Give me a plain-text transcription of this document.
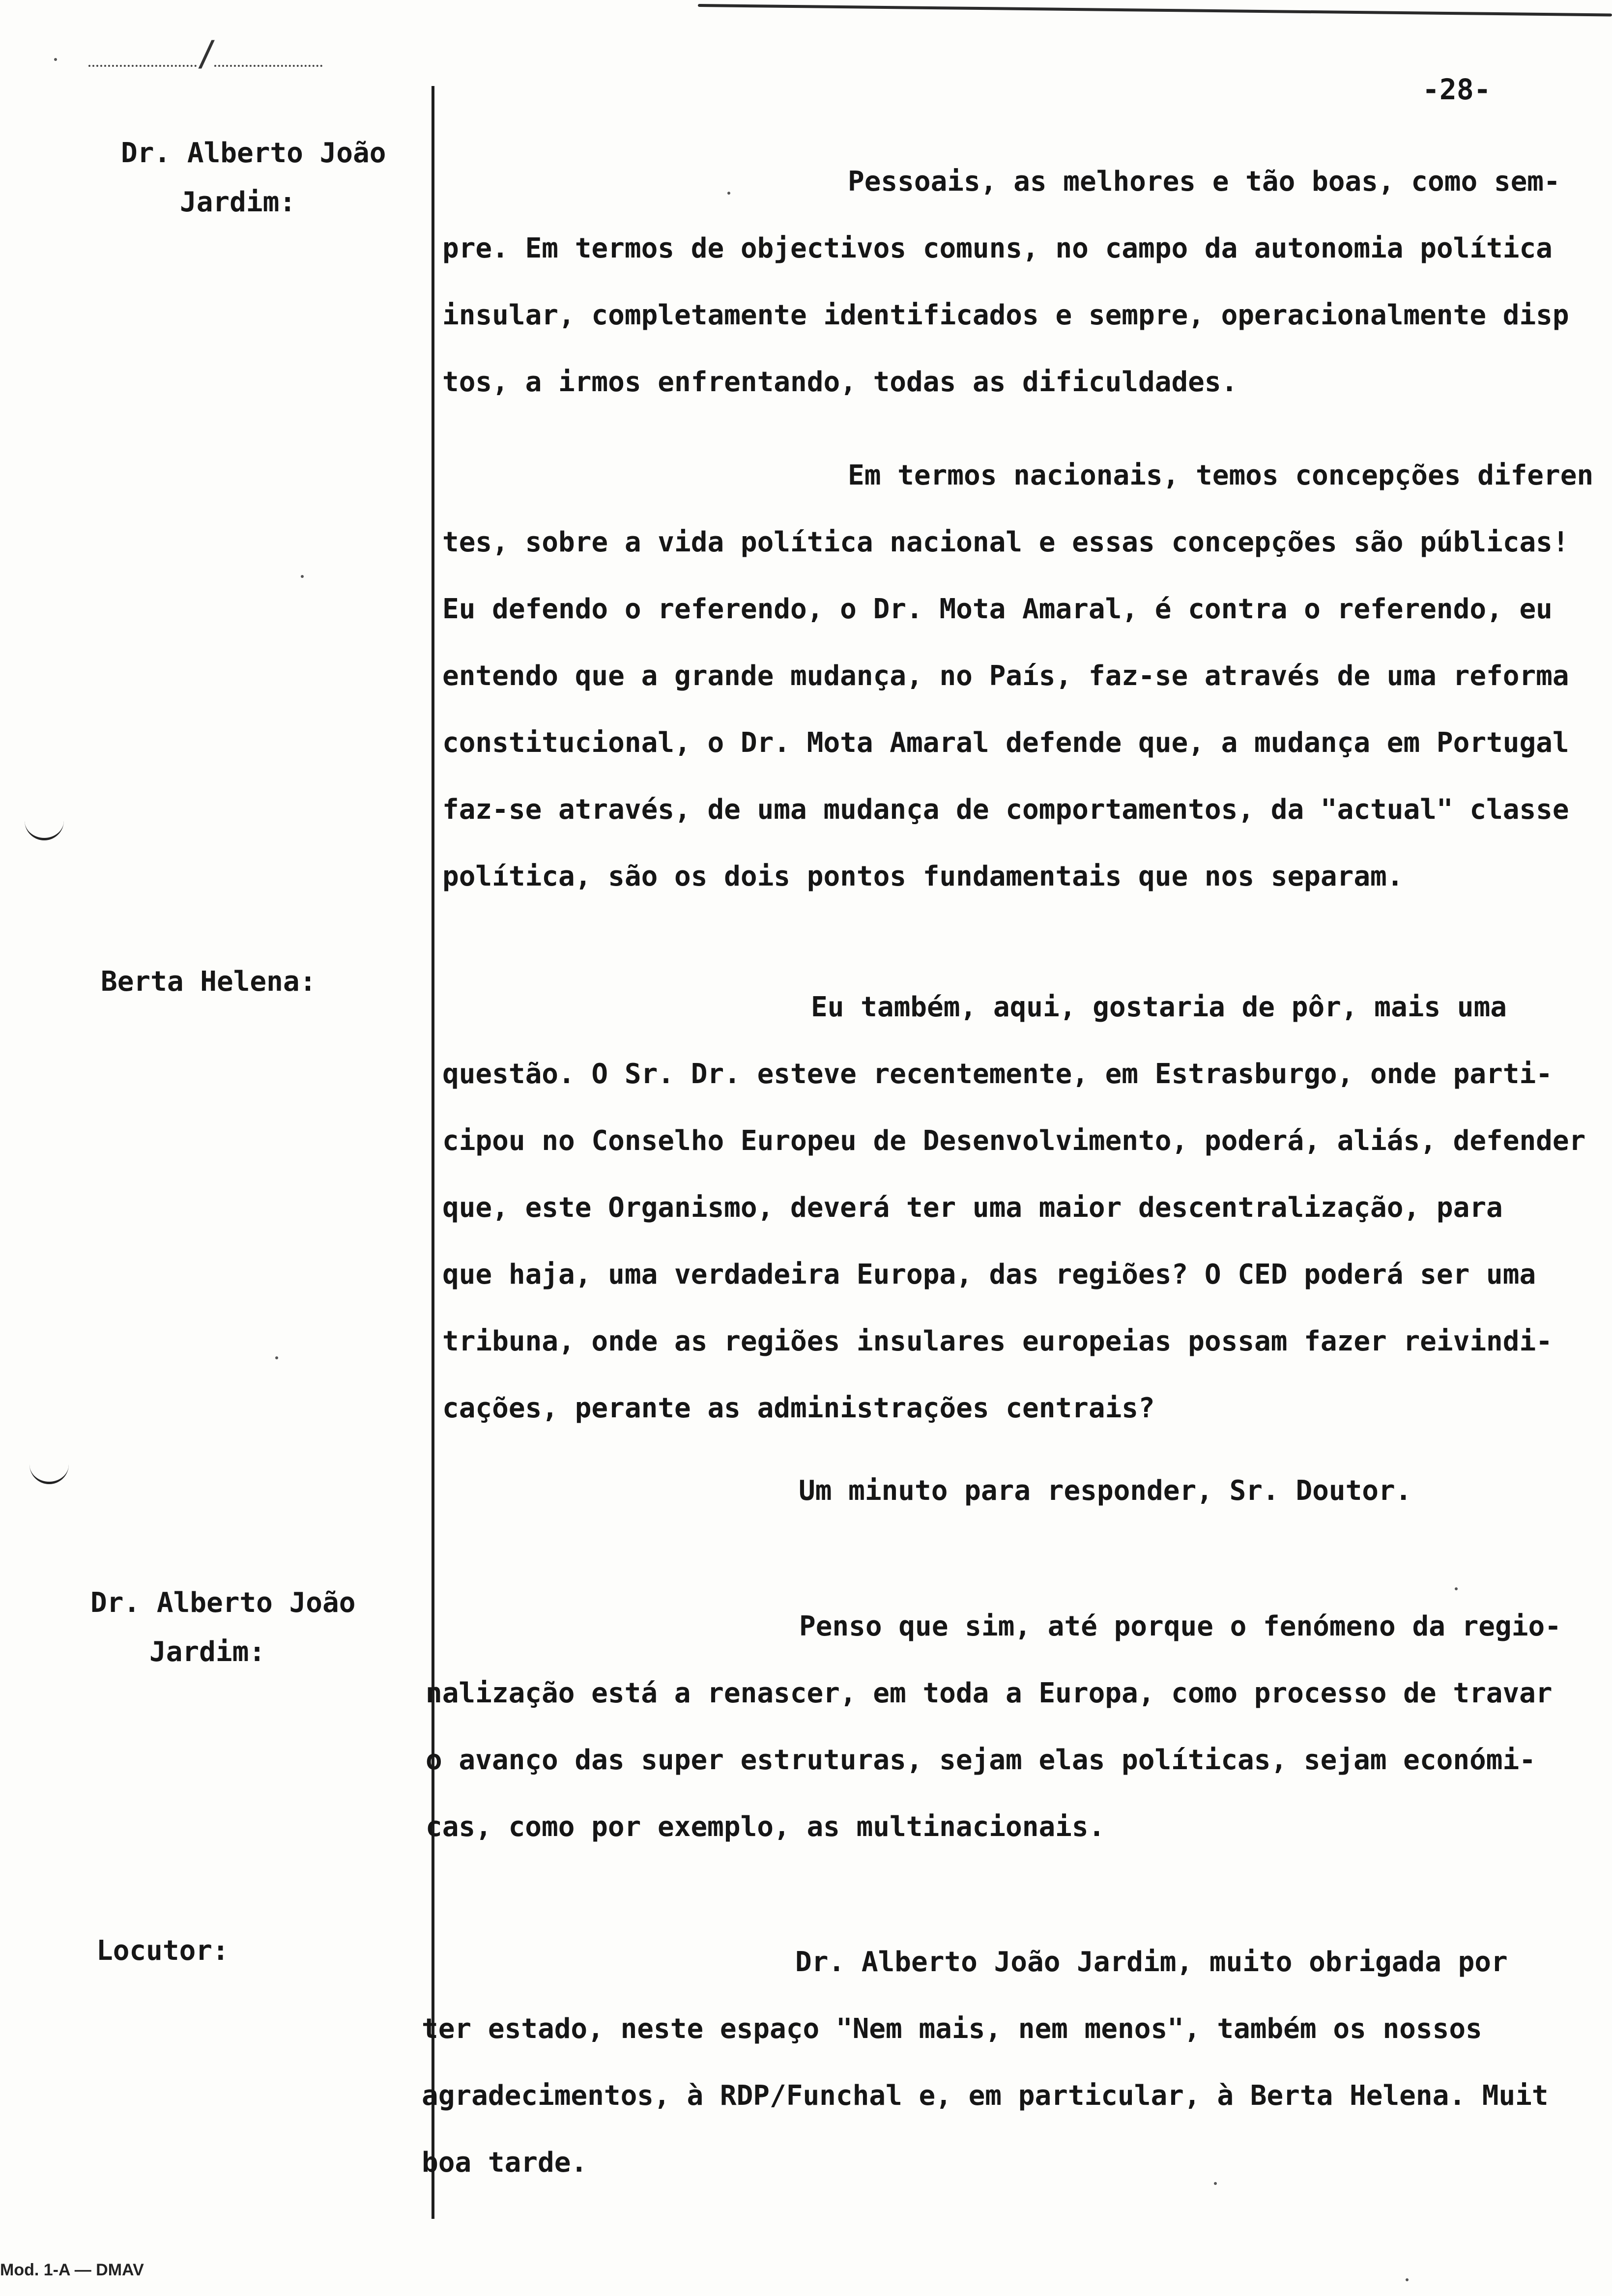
/
-28-
Dr. Alberto João
Jardim:
Pessoais, as melhores e tão boas, como sem-
pre. Em termos de objectivos comuns, no campo da autonomia política
insular, completamente identificados e sempre, operacionalmente disp
tos, a irmos enfrentando, todas as dificuldades.
Em termos nacionais, temos concepções diferen
tes, sobre a vida política nacional e essas concepções são públicas!
Eu defendo o referendo, o Dr. Mota Amaral, é contra o referendo, eu
entendo que a grande mudança, no País, faz-se através de uma reforma
constitucional, o Dr. Mota Amaral defende que, a mudança em Portugal
faz-se através, de uma mudança de comportamentos, da "actual" classe
política, são os dois pontos fundamentais que nos separam.
Berta Helena:
Eu também, aqui, gostaria de pôr, mais uma
questão. O Sr. Dr. esteve recentemente, em Estrasburgo, onde parti-
cipou no Conselho Europeu de Desenvolvimento, poderá, aliás, defender
que, este Organismo, deverá ter uma maior descentralização, para
que haja, uma verdadeira Europa, das regiões? O CED poderá ser uma
tribuna, onde as regiões insulares europeias possam fazer reivindi-
cações, perante as administrações centrais?
Um minuto para responder, Sr. Doutor.
Dr. Alberto João
Jardim:
Penso que sim, até porque o fenómeno da regio-
nalização está a renascer, em toda a Europa, como processo de travar
o avanço das super estruturas, sejam elas políticas, sejam económi-
cas, como por exemplo, as multinacionais.
Locutor:	Dr. Alberto João Jardim, muito obrigada por
ter estado, neste espaço "Nem mais, nem menos", também os nossos
agradecimentos, à RDP/Funchal e, em particular, à Berta Helena. Muit
boa tarde.
Mod. 1-A — DMAV
